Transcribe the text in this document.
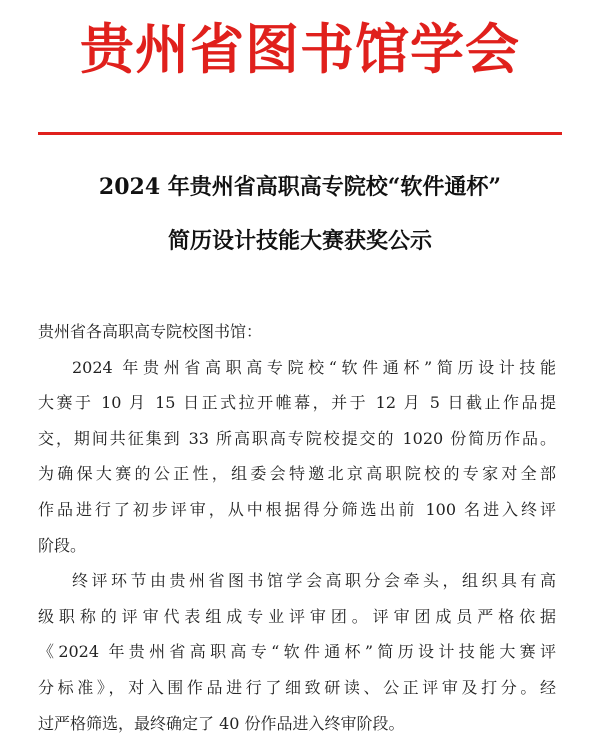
贵州省图书馆学会
2024 年贵州省高职高专院校“软件通杯”
简历设计技能大赛获奖公示
贵州省各高职高专院校图书馆：
2024 年贵州省高职高专院校“软件通杯”简历设计技能
大赛于 10 月 15 日正式拉开帷幕，并于 12 月 5 日截止作品提
交，期间共征集到 33 所高职高专院校提交的 1020 份简历作品。
为确保大赛的公正性，组委会特邀北京高职院校的专家对全部
作品进行了初步评审，从中根据得分筛选出前 100 名进入终评
阶段。
终评环节由贵州省图书馆学会高职分会牵头，组织具有高
级职称的评审代表组成专业评审团。评审团成员严格依据
《2024 年贵州省高职高专“软件通杯”简历设计技能大赛评
分标准》，对入围作品进行了细致研读、公正评审及打分。经
过严格筛选，最终确定了 40 份作品进入终审阶段。
